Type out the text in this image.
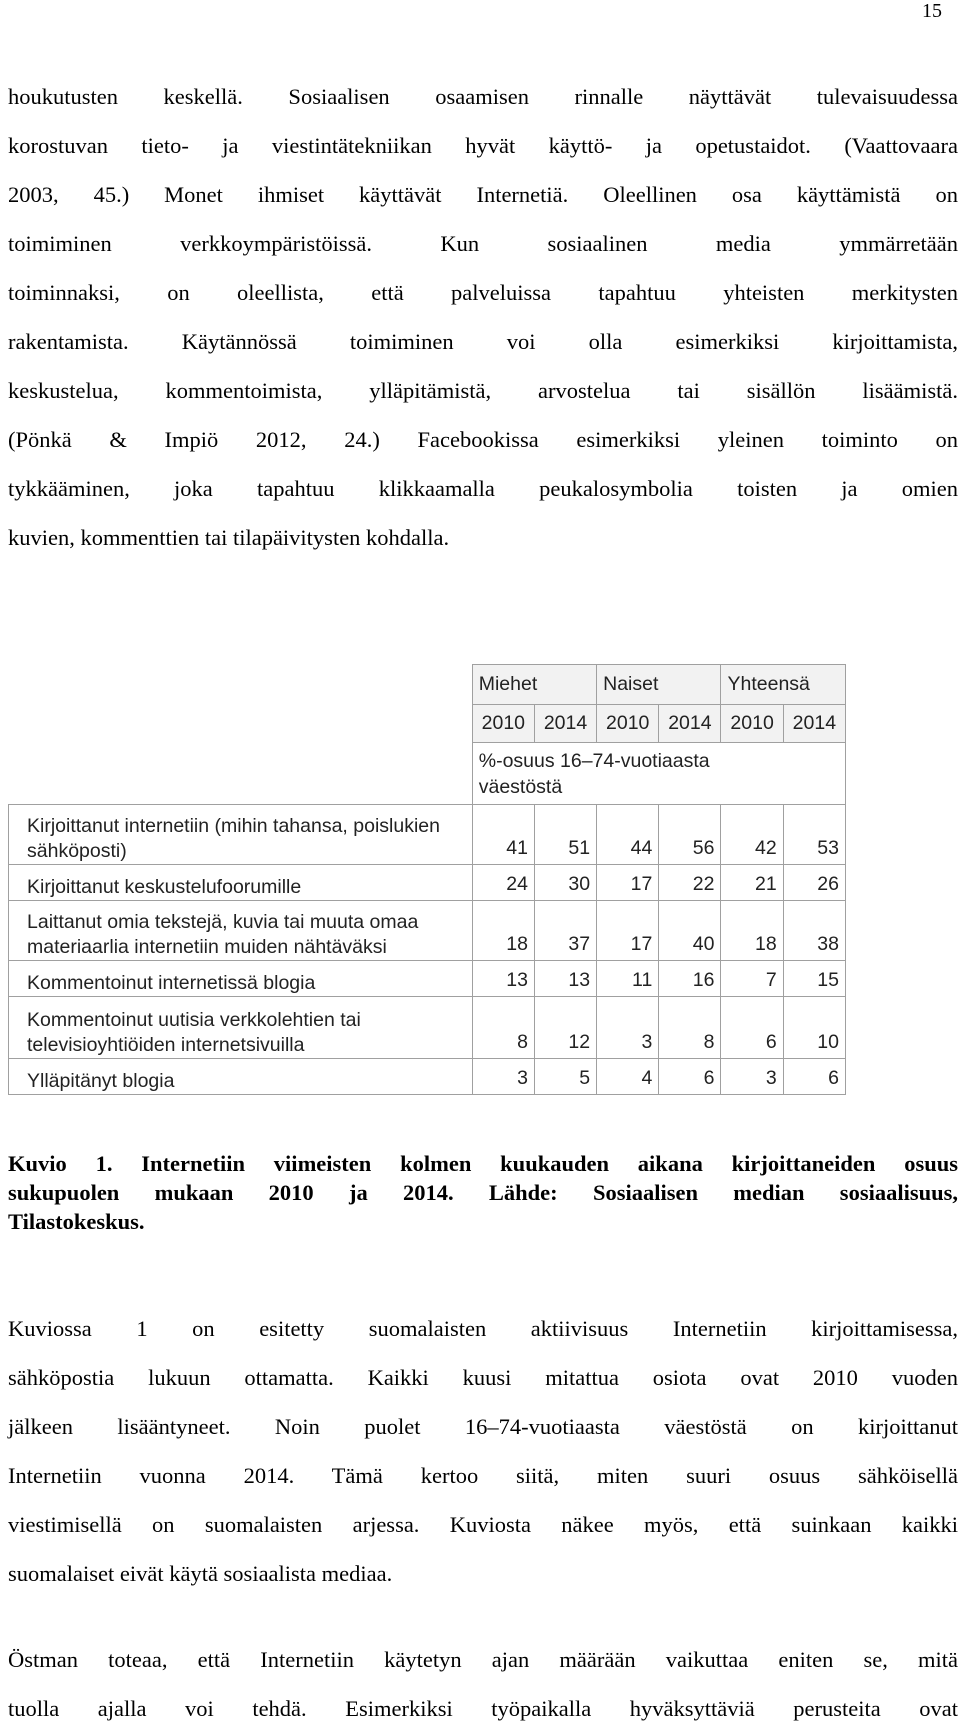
15
houkutusten keskellä. Sosiaalisen osaamisen rinnalle näyttävät tulevaisuudessa
korostuvan tieto- ja viestintätekniikan hyvät käyttö- ja opetustaidot. (Vaattovaara
2003, 45.) Monet ihmiset käyttävät Internetiä. Oleellinen osa käyttämistä on
toimiminen verkkoympäristöissä. Kun sosiaalinen media ymmärretään
toiminnaksi, on oleellista, että palveluissa tapahtuu yhteisten merkitysten
rakentamista. Käytännössä toimiminen voi olla esimerkiksi kirjoittamista,
keskustelua, kommentoimista, ylläpitämistä, arvostelua tai sisällön lisäämistä.
(Pönkä & Impiö 2012, 24.) Facebookissa esimerkiksi yleinen toiminto on
tykkääminen, joka tapahtuu klikkaamalla peukalosymbolia toisten ja omien
kuvien, kommenttien tai tilapäivitysten kohdalla.
	Miehet		Naiset		Yhteensä	
	2010	2014	2010	2014	2010	2014

	%-osuus 16–74-vuotiaasta
väestöstä					

Kirjoittanut internetiin (mihin tahansa, poislukien
sähköposti)	41	51	44	56	42	53

Kirjoittanut keskustelufoorumille	24	30	17	22	21	26

Laittanut omia tekstejä, kuvia tai muuta omaa
materiaarlia internetiin muiden nähtäväksi	18	37	17	40	18	38

Kommentoinut internetissä blogia	13	13	11	16	7	15

Kommentoinut uutisia verkkolehtien tai
televisioyhtiöiden internetsivuilla	8	12	3	8	6	10

Ylläpitänyt blogia	3	5	4	6	3	6
Kuvio 1. Internetiin viimeisten kolmen kuukauden aikana kirjoittaneiden osuus
sukupuolen mukaan 2010 ja 2014. Lähde: Sosiaalisen median sosiaalisuus,
Tilastokeskus.
Kuviossa 1 on esitetty suomalaisten aktiivisuus Internetiin kirjoittamisessa,
sähköpostia lukuun ottamatta. Kaikki kuusi mitattua osiota ovat 2010 vuoden
jälkeen lisääntyneet. Noin puolet 16–74-vuotiaasta väestöstä on kirjoittanut
Internetiin vuonna 2014. Tämä kertoo siitä, miten suuri osuus sähköisellä
viestimisellä on suomalaisten arjessa. Kuviosta näkee myös, että suinkaan kaikki
suomalaiset eivät käytä sosiaalista mediaa.
Östman toteaa, että Internetiin käytetyn ajan määrään vaikuttaa eniten se, mitä
tuolla ajalla voi tehdä. Esimerkiksi työpaikalla hyväksyttäviä perusteita ovat
